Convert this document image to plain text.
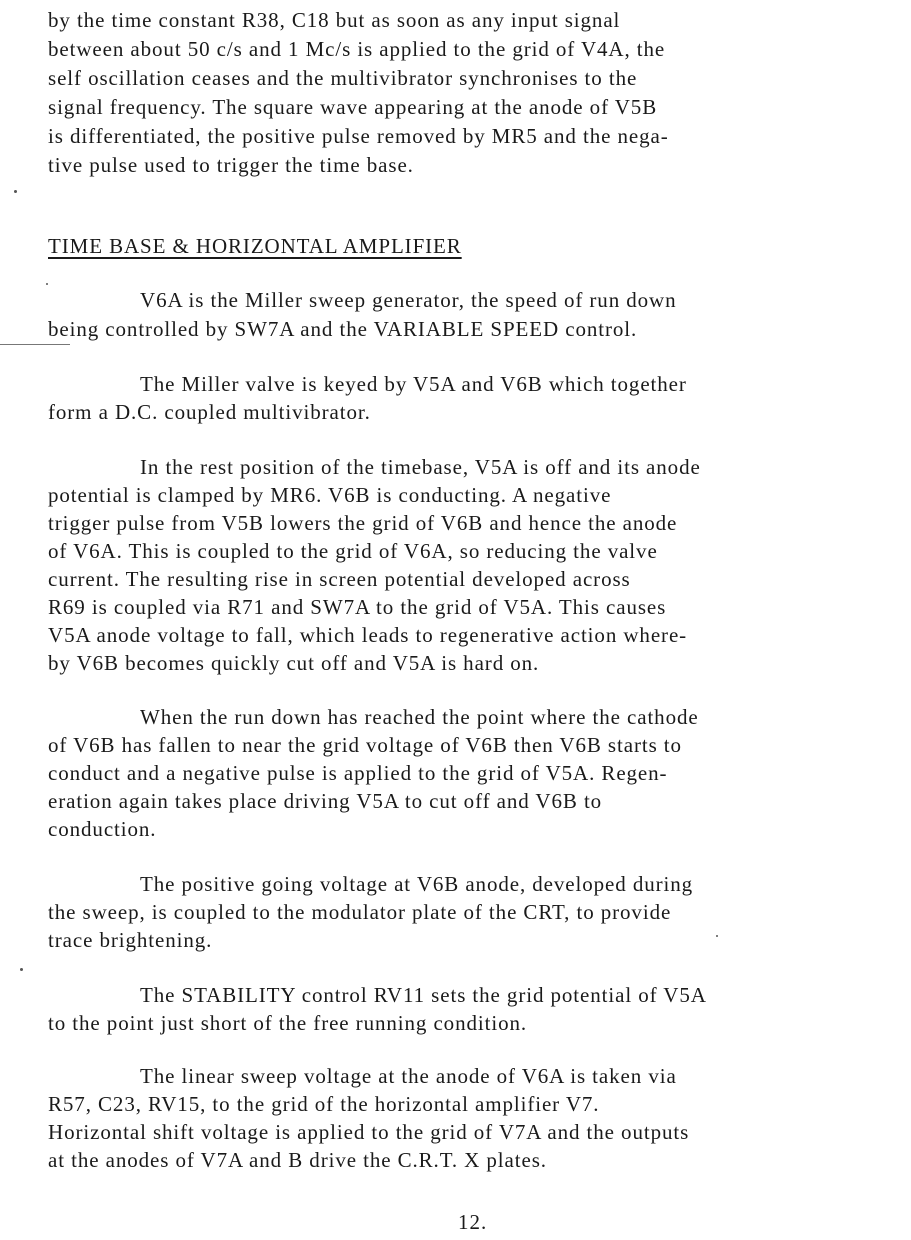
by the time constant R38, C18 but as soon as any input signal
between about 50 c/s and 1 Mc/s is applied to the grid of V4A, the
self oscillation ceases and the multivibrator synchronises to the
signal frequency. The square wave appearing at the anode of V5B
is differentiated, the positive pulse removed by MR5 and the nega-
tive pulse used to trigger the time base.
TIME BASE & HORIZONTAL AMPLIFIER
V6A is the Miller sweep generator, the speed of run down
being controlled by SW7A and the VARIABLE SPEED control.
The Miller valve is keyed by V5A and V6B which together
form a D.C. coupled multivibrator.
In the rest position of the timebase, V5A is off and its anode
potential is clamped by MR6. V6B is conducting. A negative
trigger pulse from V5B lowers the grid of V6B and hence the anode
of V6A. This is coupled to the grid of V6A, so reducing the valve
current. The resulting rise in screen potential developed across
R69 is coupled via R71 and SW7A to the grid of V5A. This causes
V5A anode voltage to fall, which leads to regenerative action where-
by V6B becomes quickly cut off and V5A is hard on.
When the run down has reached the point where the cathode
of V6B has fallen to near the grid voltage of V6B then V6B starts to
conduct and a negative pulse is applied to the grid of V5A. Regen-
eration again takes place driving V5A to cut off and V6B to
conduction.
The positive going voltage at V6B anode, developed during
the sweep, is coupled to the modulator plate of the CRT, to provide
trace brightening.
The STABILITY control RV11 sets the grid potential of V5A
to the point just short of the free running condition.
The linear sweep voltage at the anode of V6A is taken via
R57, C23, RV15, to the grid of the horizontal amplifier V7.
Horizontal shift voltage is applied to the grid of V7A and the outputs
at the anodes of V7A and B drive the C.R.T. X plates.
12.
